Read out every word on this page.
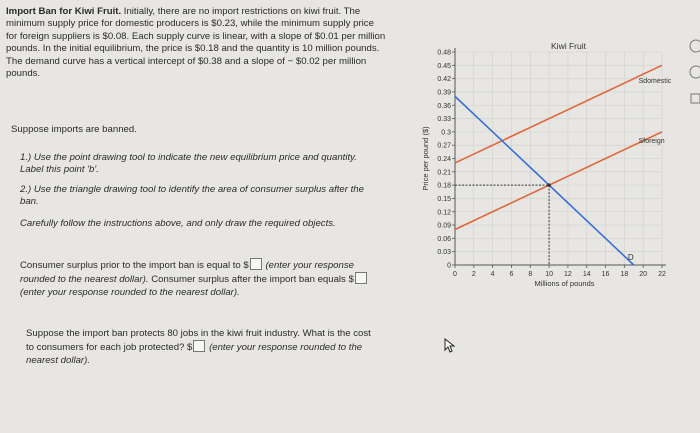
Import Ban for Kiwi Fruit. Initially, there are no import restrictions on kiwi fruit. The minimum supply price for domestic producers is $0.23, while the minimum supply price for foreign suppliers is $0.08. Each supply curve is linear, with a slope of $0.01 per million pounds. In the initial equilibrium, the price is $0.18 and the quantity is 10 million pounds. The demand curve has a vertical intercept of $0.38 and a slope of − $0.02 per million pounds.
Suppose imports are banned.
1.) Use the point drawing tool to indicate the new equilibrium price and quantity. Label this point 'b'.
2.) Use the triangle drawing tool to identify the area of consumer surplus after the ban.
Carefully follow the instructions above, and only draw the required objects.
Consumer surplus prior to the import ban is equal to $ (enter your response rounded to the nearest dollar). Consumer surplus after the import ban equals $ (enter your response rounded to the nearest dollar).
Suppose the import ban protects 80 jobs in the kiwi fruit industry. What is the cost to consumers for each job protected? $ (enter your response rounded to the nearest dollar).
0 2 4 6 8 10 12 14 16 18 20 22
0
0.03
0.06
0.09
0.12
0.15
0.18
0.21
0.24
0.27
0.3
0.33
0.36
0.39
0.42
0.45
0.48
Kiwi Fruit
Millions of pounds
Price per pound ($)
Sdomestic
Sforeign
D
